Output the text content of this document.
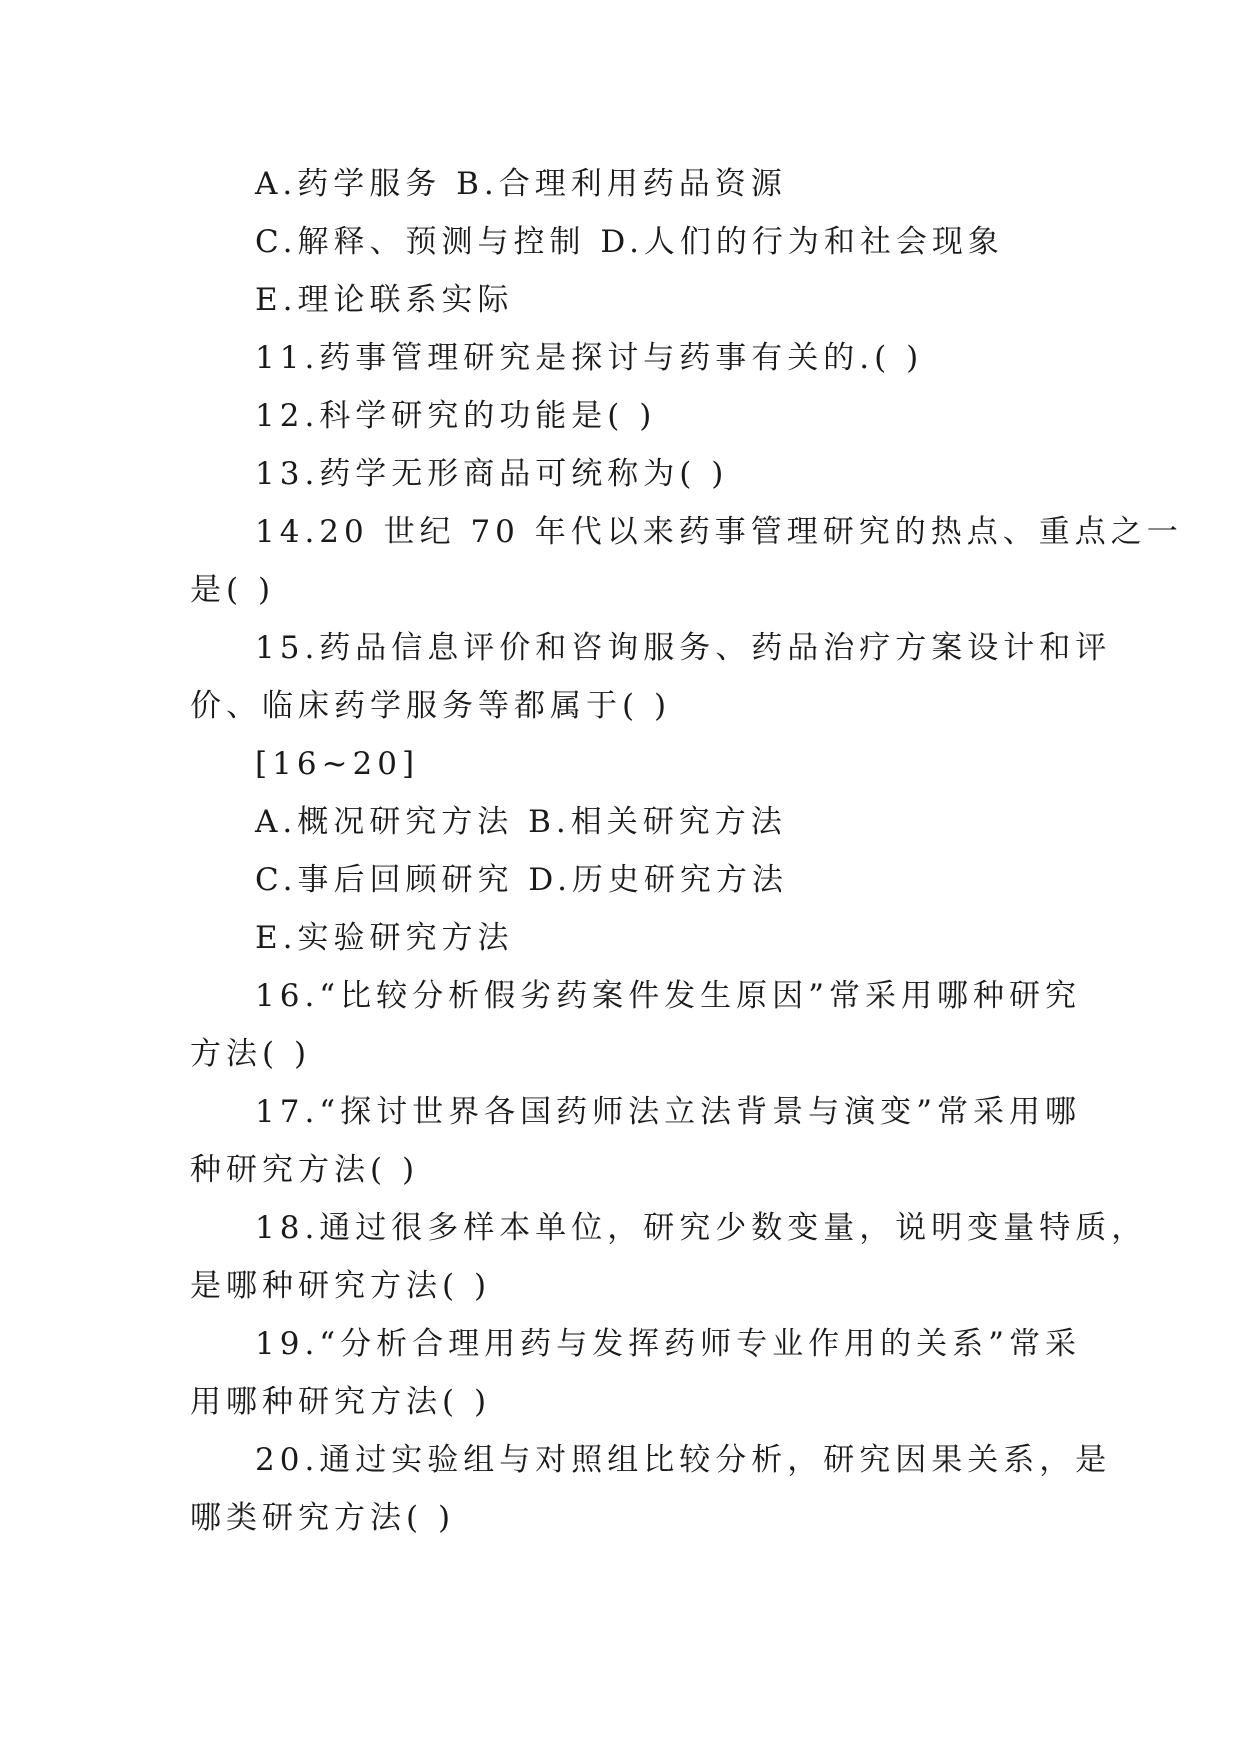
A.药学服务 B.合理利用药品资源
C.解释、预测与控制 D.人们的行为和社会现象
E.理论联系实际
11.药事管理研究是探讨与药事有关的.( )
12.科学研究的功能是( )
13.药学无形商品可统称为( )
14.20 世纪 70 年代以来药事管理研究的热点、重点之一
是( )
15.药品信息评价和咨询服务、药品治疗方案设计和评
价、临床药学服务等都属于( )
[16~20]
A.概况研究方法 B.相关研究方法
C.事后回顾研究 D.历史研究方法
E.实验研究方法
16.“比较分析假劣药案件发生原因”常采用哪种研究
方法( )
17.“探讨世界各国药师法立法背景与演变”常采用哪
种研究方法( )
18.通过很多样本单位，研究少数变量，说明变量特质，
是哪种研究方法( )
19.“分析合理用药与发挥药师专业作用的关系”常采
用哪种研究方法( )
20.通过实验组与对照组比较分析，研究因果关系，是
哪类研究方法( )
